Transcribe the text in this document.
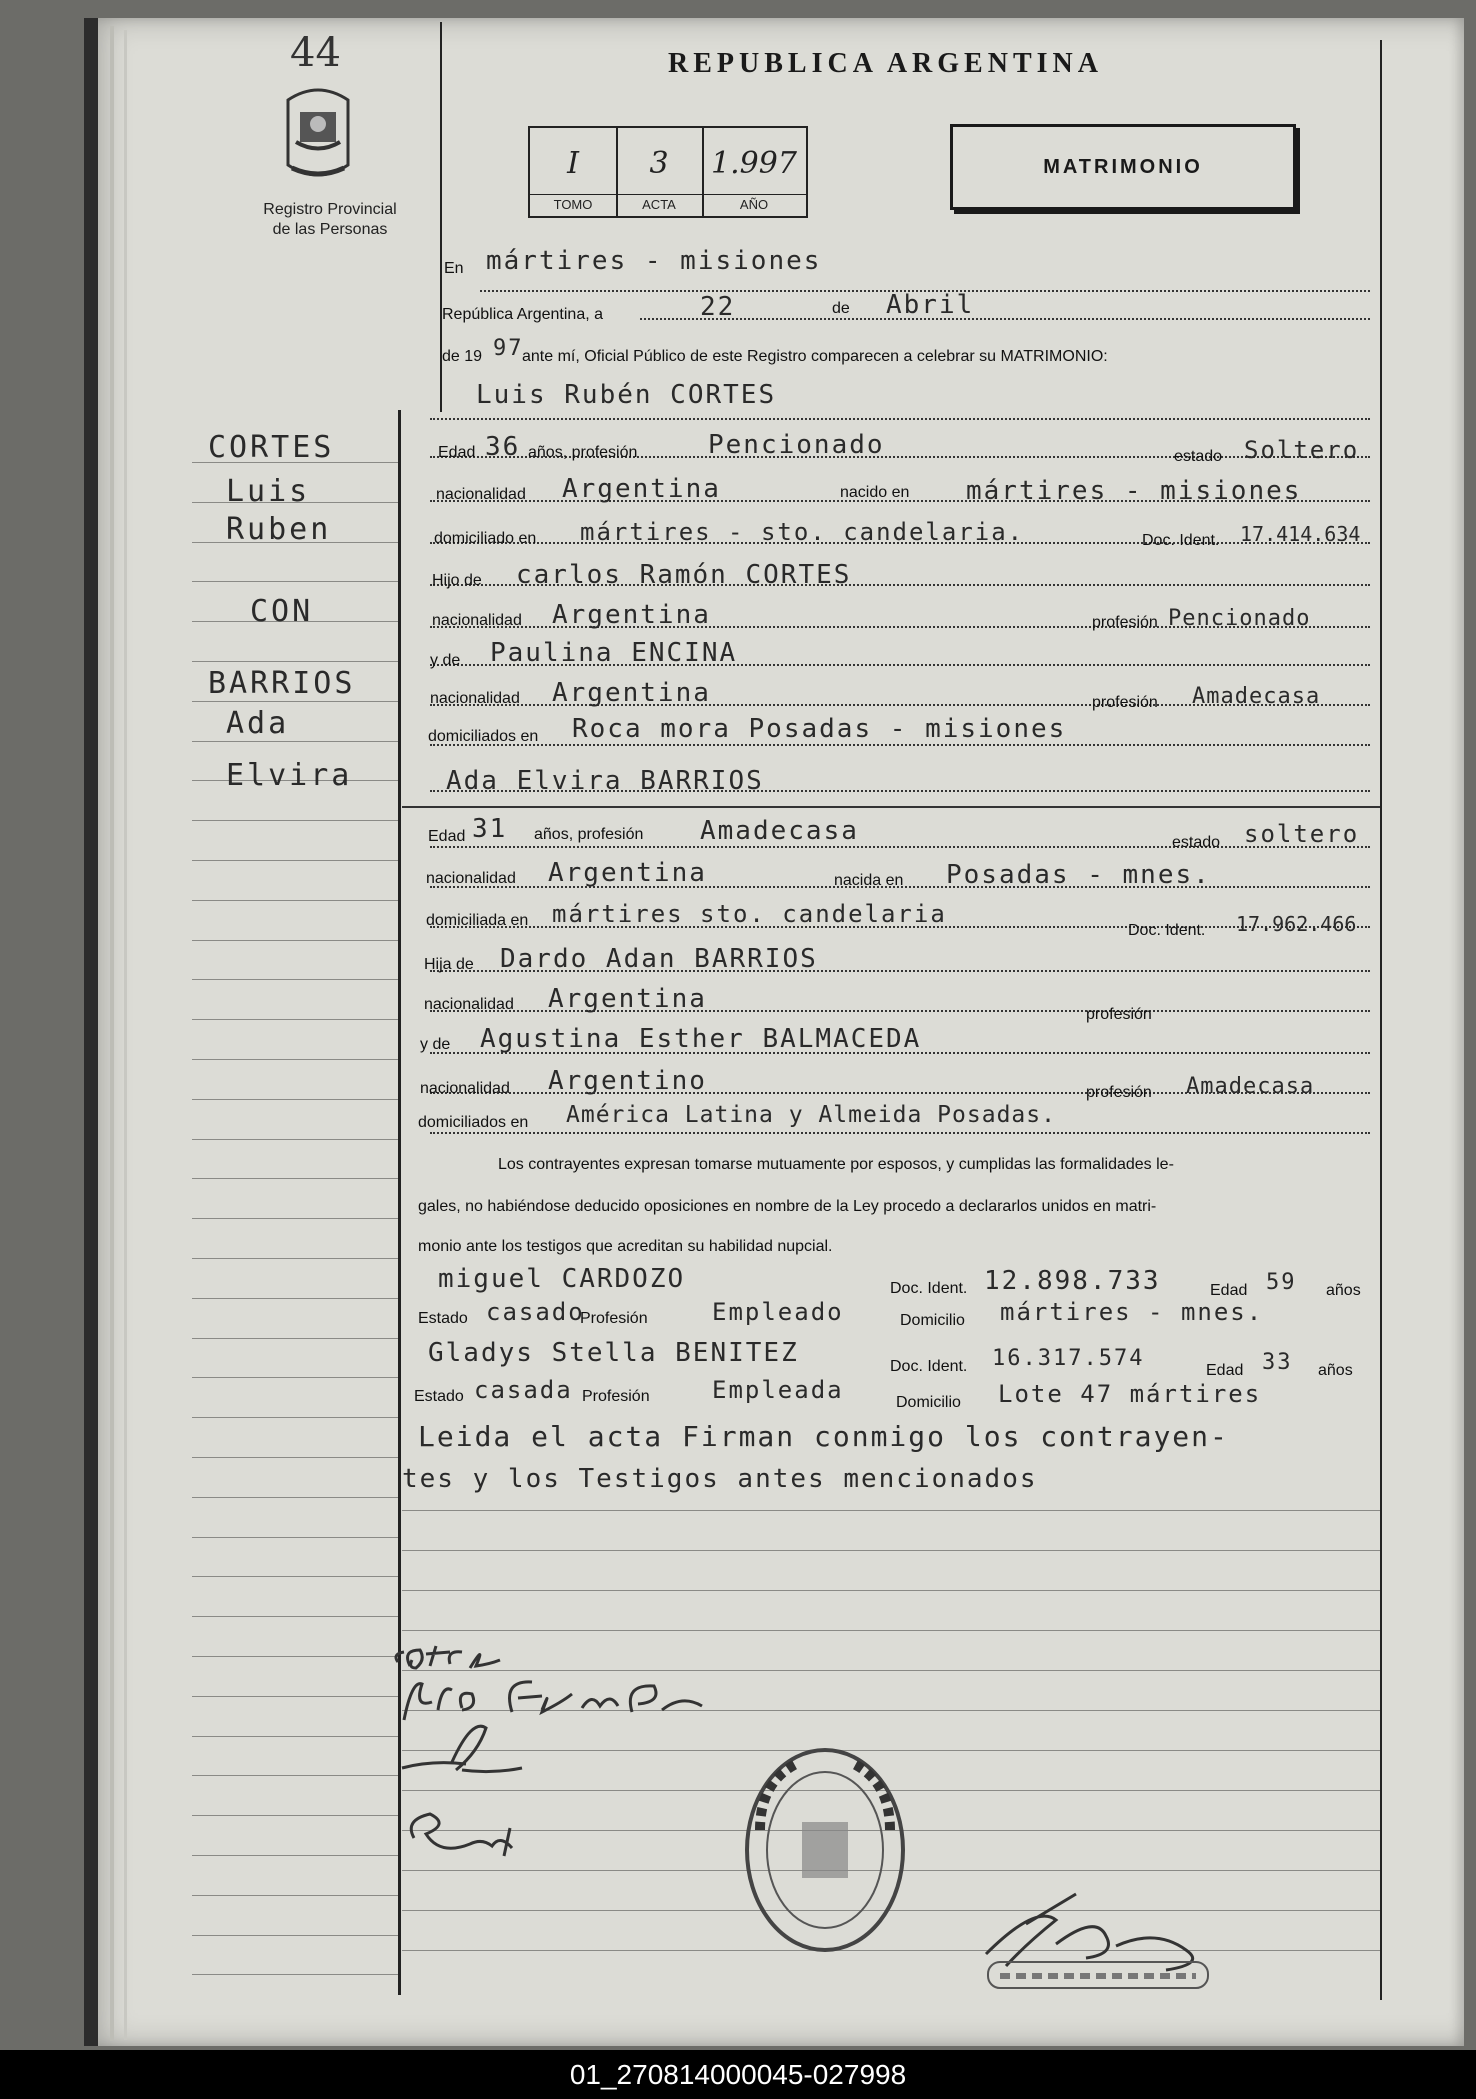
44
Registro Provincial
de las Personas
REPUBLICA ARGENTINA
I
TOMO
3
ACTA
1.997
AÑO
MATRIMONIO
En mártires - misiones
República Argentina, a	22	de Abril
de 19 97
ante mí, Oficial Público de este Registro comparecen a celebrar su MATRIMONIO:
Luis Rubén CORTES
CORTES
Luis
Ruben
CON
BARRIOS
Ada
Elvira
Edad 36 años, profesión	Pencionado	estado Soltero
nacionalidad Argentina	nacido en mártires - misiones
domiciliado en mártires - sto. candelaria.	Doc. Ident. 17.414.634
Hijo de carlos Ramón CORTES
nacionalidad Argentina	profesión Pencionado
y de Paulina ENCINA
nacionalidad Argentina	profesión Amadecasa
domiciliados en Roca mora Posadas - misiones
Ada Elvira BARRIOS
Edad 31 años, profesión Amadecasa	estado soltero
nacionalidad Argentina	nacida en Posadas - mnes.
domiciliada en mártires sto. candelaria
Doc. Ident. 17.962.466
Hija de Dardo Adan BARRIOS
nacionalidad Argentina
profesión
y de Agustina Esther BALMACEDA
nacionalidad Argentino	profesión Amadecasa
domiciliados en América Latina y Almeida Posadas.
Los contrayentes expresan tomarse mutuamente por esposos, y cumplidas las formalidades le-
gales, no habiéndose deducido oposiciones en nombre de la Ley procedo a declararlos unidos en matri-
monio ante los testigos que acreditan su habilidad nupcial.
miguel CARDOZO	Doc. Ident. 12.898.733	Edad 59 años
Estado casado
Profesión	Empleado	Domicilio mártires - mnes.
Gladys Stella BENITEZ	Doc. Ident. 16.317.574	Edad 33 años
Estado casada Profesión	Empleada	Domicilio Lote 47 mártires
Leida el acta Firman conmigo los contrayen-
tes y los Testigos antes mencionados
01_270814000045-027998
